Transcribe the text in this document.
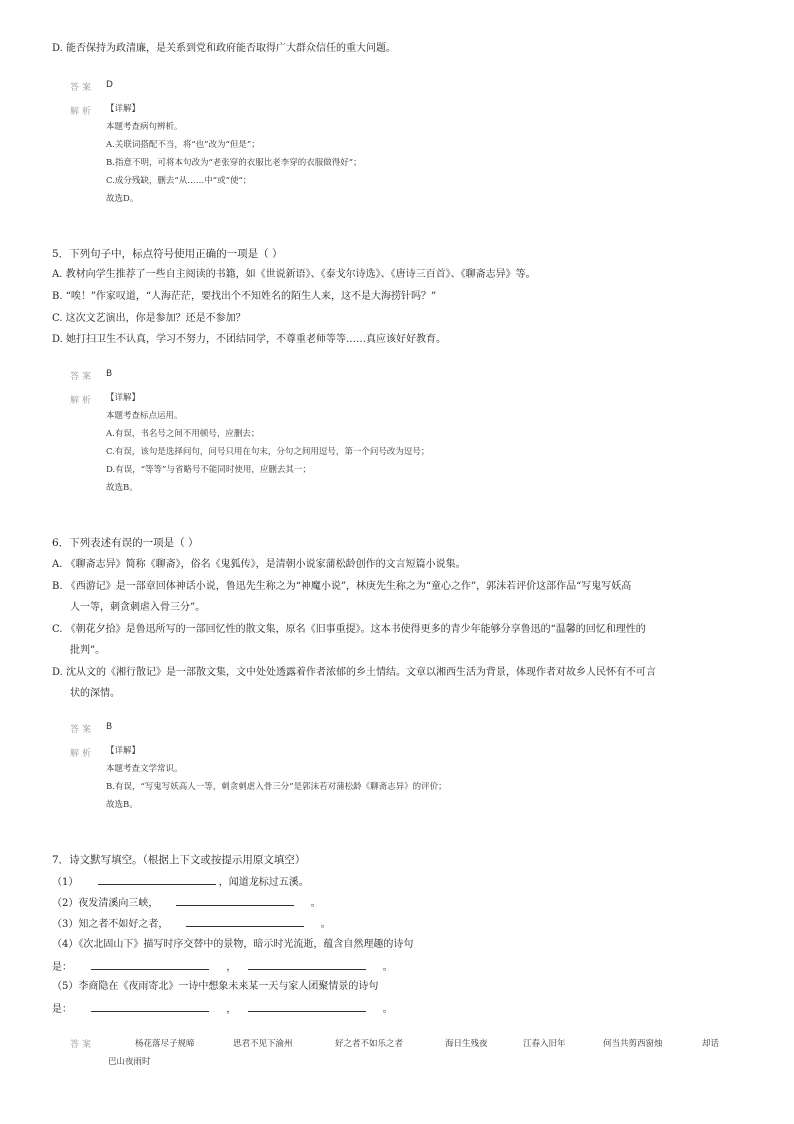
D. 能否保持为政清廉，是关系到党和政府能否取得广大群众信任的重大问题。
答案 D
解析 【详解】
本题考查病句辨析。
A.关联词搭配不当，将“也”改为“但是”；
B.指意不明，可将本句改为“老张穿的衣服比老李穿的衣服做得好”；
C.成分残缺，删去“从……中”或“使”；
故选D。
5．下列句子中，标点符号使用正确的一项是（ ）
A. 教材向学生推荐了一些自主阅读的书籍，如《世说新语》、《泰戈尔诗选》、《唐诗三百首》、《聊斋志异》等。
B. “唉！”作家叹道，“人海茫茫，要找出个不知姓名的陌生人来，这不是大海捞针吗？”
C. 这次文艺演出，你是参加？还是不参加？
D. 她打扫卫生不认真，学习不努力，不团结同学，不尊重老师等等……真应该好好教育。
答案 B
解析 【详解】
本题考查标点运用。
A.有误，书名号之间不用顿号，应删去；
C.有误，该句是选择问句，问号只用在句末，分句之间用逗号，第一个问号改为逗号；
D.有误，“等等”与省略号不能同时使用，应删去其一；
故选B。
6．下列表述有误的一项是（ ）
A. 《聊斋志异》简称《聊斋》，俗名《鬼狐传》，是清朝小说家蒲松龄创作的文言短篇小说集。
B. 《西游记》是一部章回体神话小说，鲁迅先生称之为“神魔小说”，林庚先生称之为“童心之作”，郭沫若评价这部作品“写鬼写妖高
人一等，刺贪刺虐入骨三分”。
C. 《朝花夕拾》是鲁迅所写的一部回忆性的散文集，原名《旧事重提》。这本书使得更多的青少年能够分享鲁迅的“温馨的回忆和理性的
批判”。
D. 沈从文的《湘行散记》是一部散文集，文中处处透露着作者浓郁的乡土情结。文章以湘西生活为背景，体现作者对故乡人民怀有不可言
状的深情。
答案 B
解析 【详解】
本题考查文学常识。
B.有误，“写鬼写妖高人一等，刺贪刺虐入骨三分”是郭沫若对蒲松龄《聊斋志异》的评价；
故选B。
7．诗文默写填空。（根据上下文或按提示用原文填空）
（1）	，闻道龙标过五溪。
（2）夜发清溪向三峡，	。
（3）知之者不如好之者，	。
（4）《次北固山下》描写时序交替中的景物，暗示时光流逝，蕴含自然理趣的诗句
是：	，	。
（5）李商隐在《夜雨寄北》一诗中想象未来某一天与家人团聚情景的诗句
是：	，	。
答案	杨花落尽子规啼	思君不见下渝州	好之者不如乐之者	海日生残夜	江春入旧年	何当共剪西窗烛	却话
巴山夜雨时
